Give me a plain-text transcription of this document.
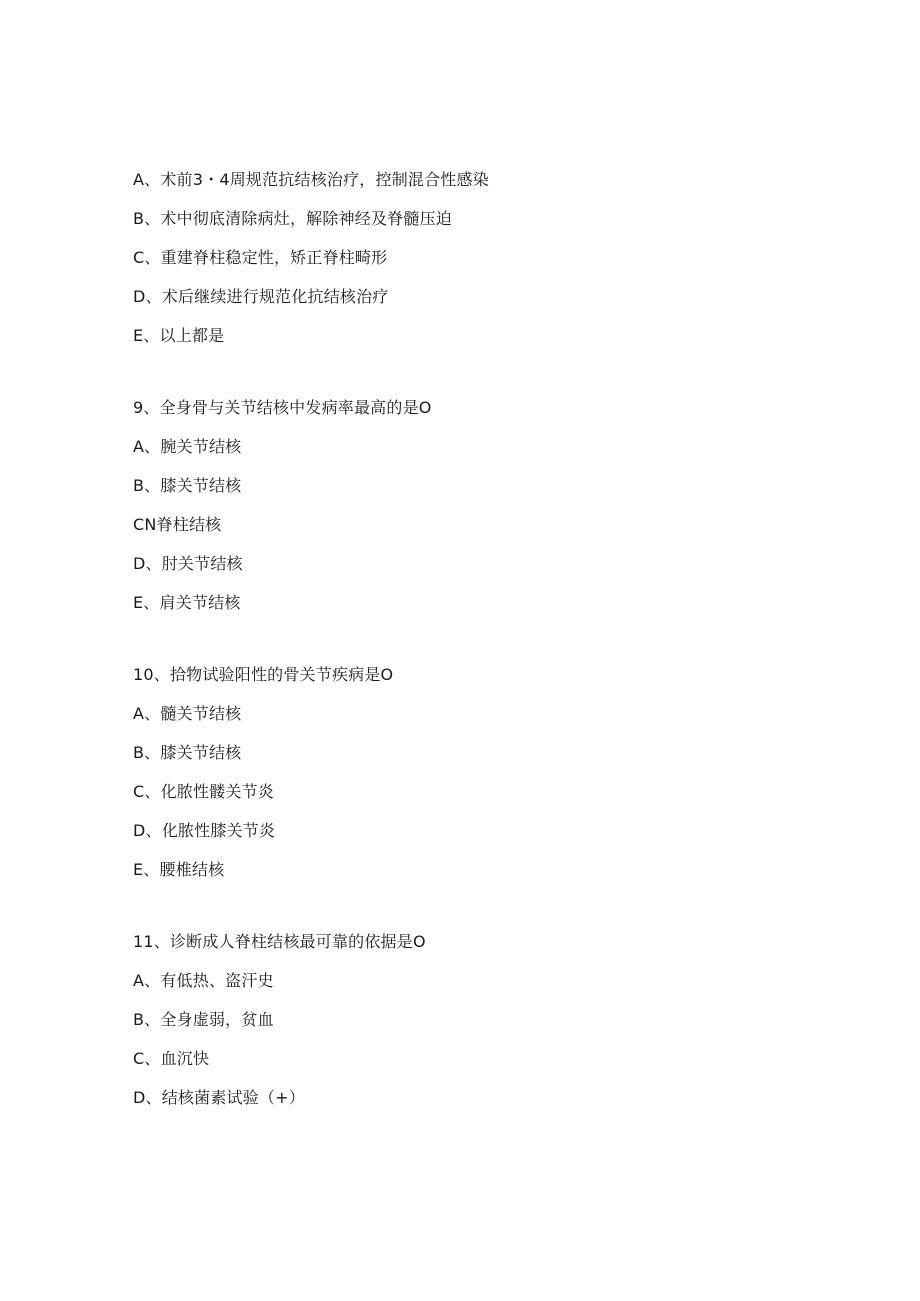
A、术前3・4周规范抗结核治疗，控制混合性感染
B、术中彻底清除病灶，解除神经及脊髓压迫
C、重建脊柱稳定性，矫正脊柱畸形
D、术后继续进行规范化抗结核治疗
E、以上都是
9、全身骨与关节结核中发病率最高的是O
A、腕关节结核
B、膝关节结核
CN脊柱结核
D、肘关节结核
E、肩关节结核
10、拾物试验阳性的骨关节疾病是O
A、髓关节结核
B、膝关节结核
C、化脓性髅关节炎
D、化脓性膝关节炎
E、腰椎结核
11、诊断成人脊柱结核最可靠的依据是O
A、有低热、盗汗史
B、全身虚弱，贫血
C、血沉快
D、结核菌素试验（+）
